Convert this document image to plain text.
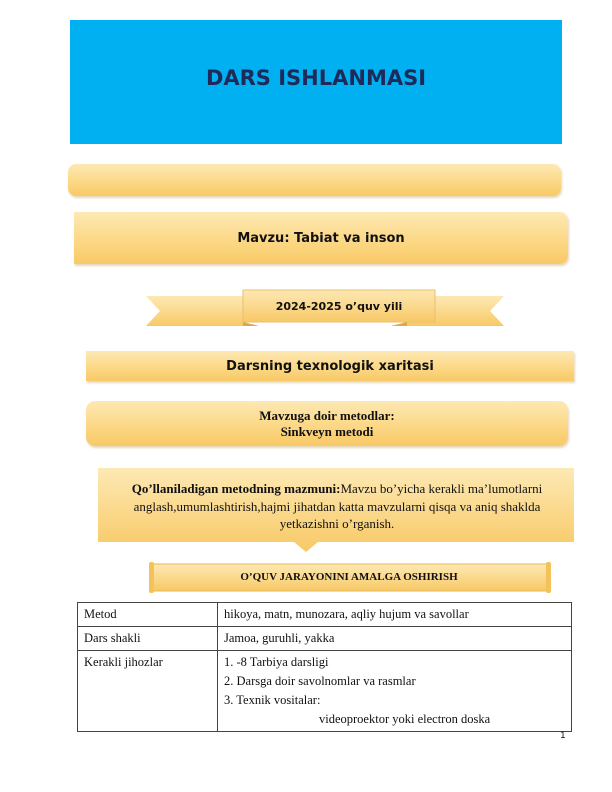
DARS ISHLANMASI
Mavzu: Tabiat va inson
2024-2025 o’quv yili
Darsning texnologik xaritasi
Mavzuga doir metodlar:
Sinkveyn metodi
Qo’llaniladigan metodning mazmuni:Mavzu bo’yicha kerakli ma’lumotlarni anglash,umumlashtirish,hajmi jihatdan katta mavzularni qisqa va aniq shaklda yetkazishni o’rganish.
O’QUV JARAYONINI AMALGA OSHIRISH
Metod	hikoya, matn, munozara, aqliy hujum va savollar
Dars shakli	Jamoa, guruhli, yakka
Kerakli jihozlar	1. -8 Tarbiya darsligi
2. Darsga doir savolnomlar va rasmlar
3. Texnik vositalar:
videoproektor yoki electron doska
1
